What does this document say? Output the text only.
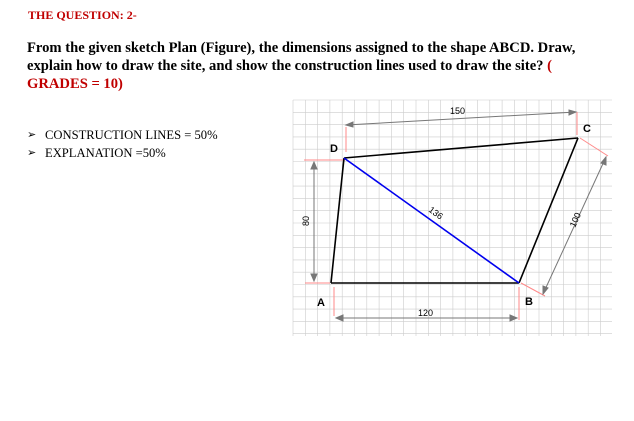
THE QUESTION: 2-
From the given sketch Plan (Figure), the dimensions assigned to the shape ABCD. Draw, explain how to draw the site, and show the construction lines used to draw the site? ( GRADES = 10)
➢ CONSTRUCTION LINES = 50%
➢ EXPLANATION =50%
A	B
C
D
150
120
136
80	100
